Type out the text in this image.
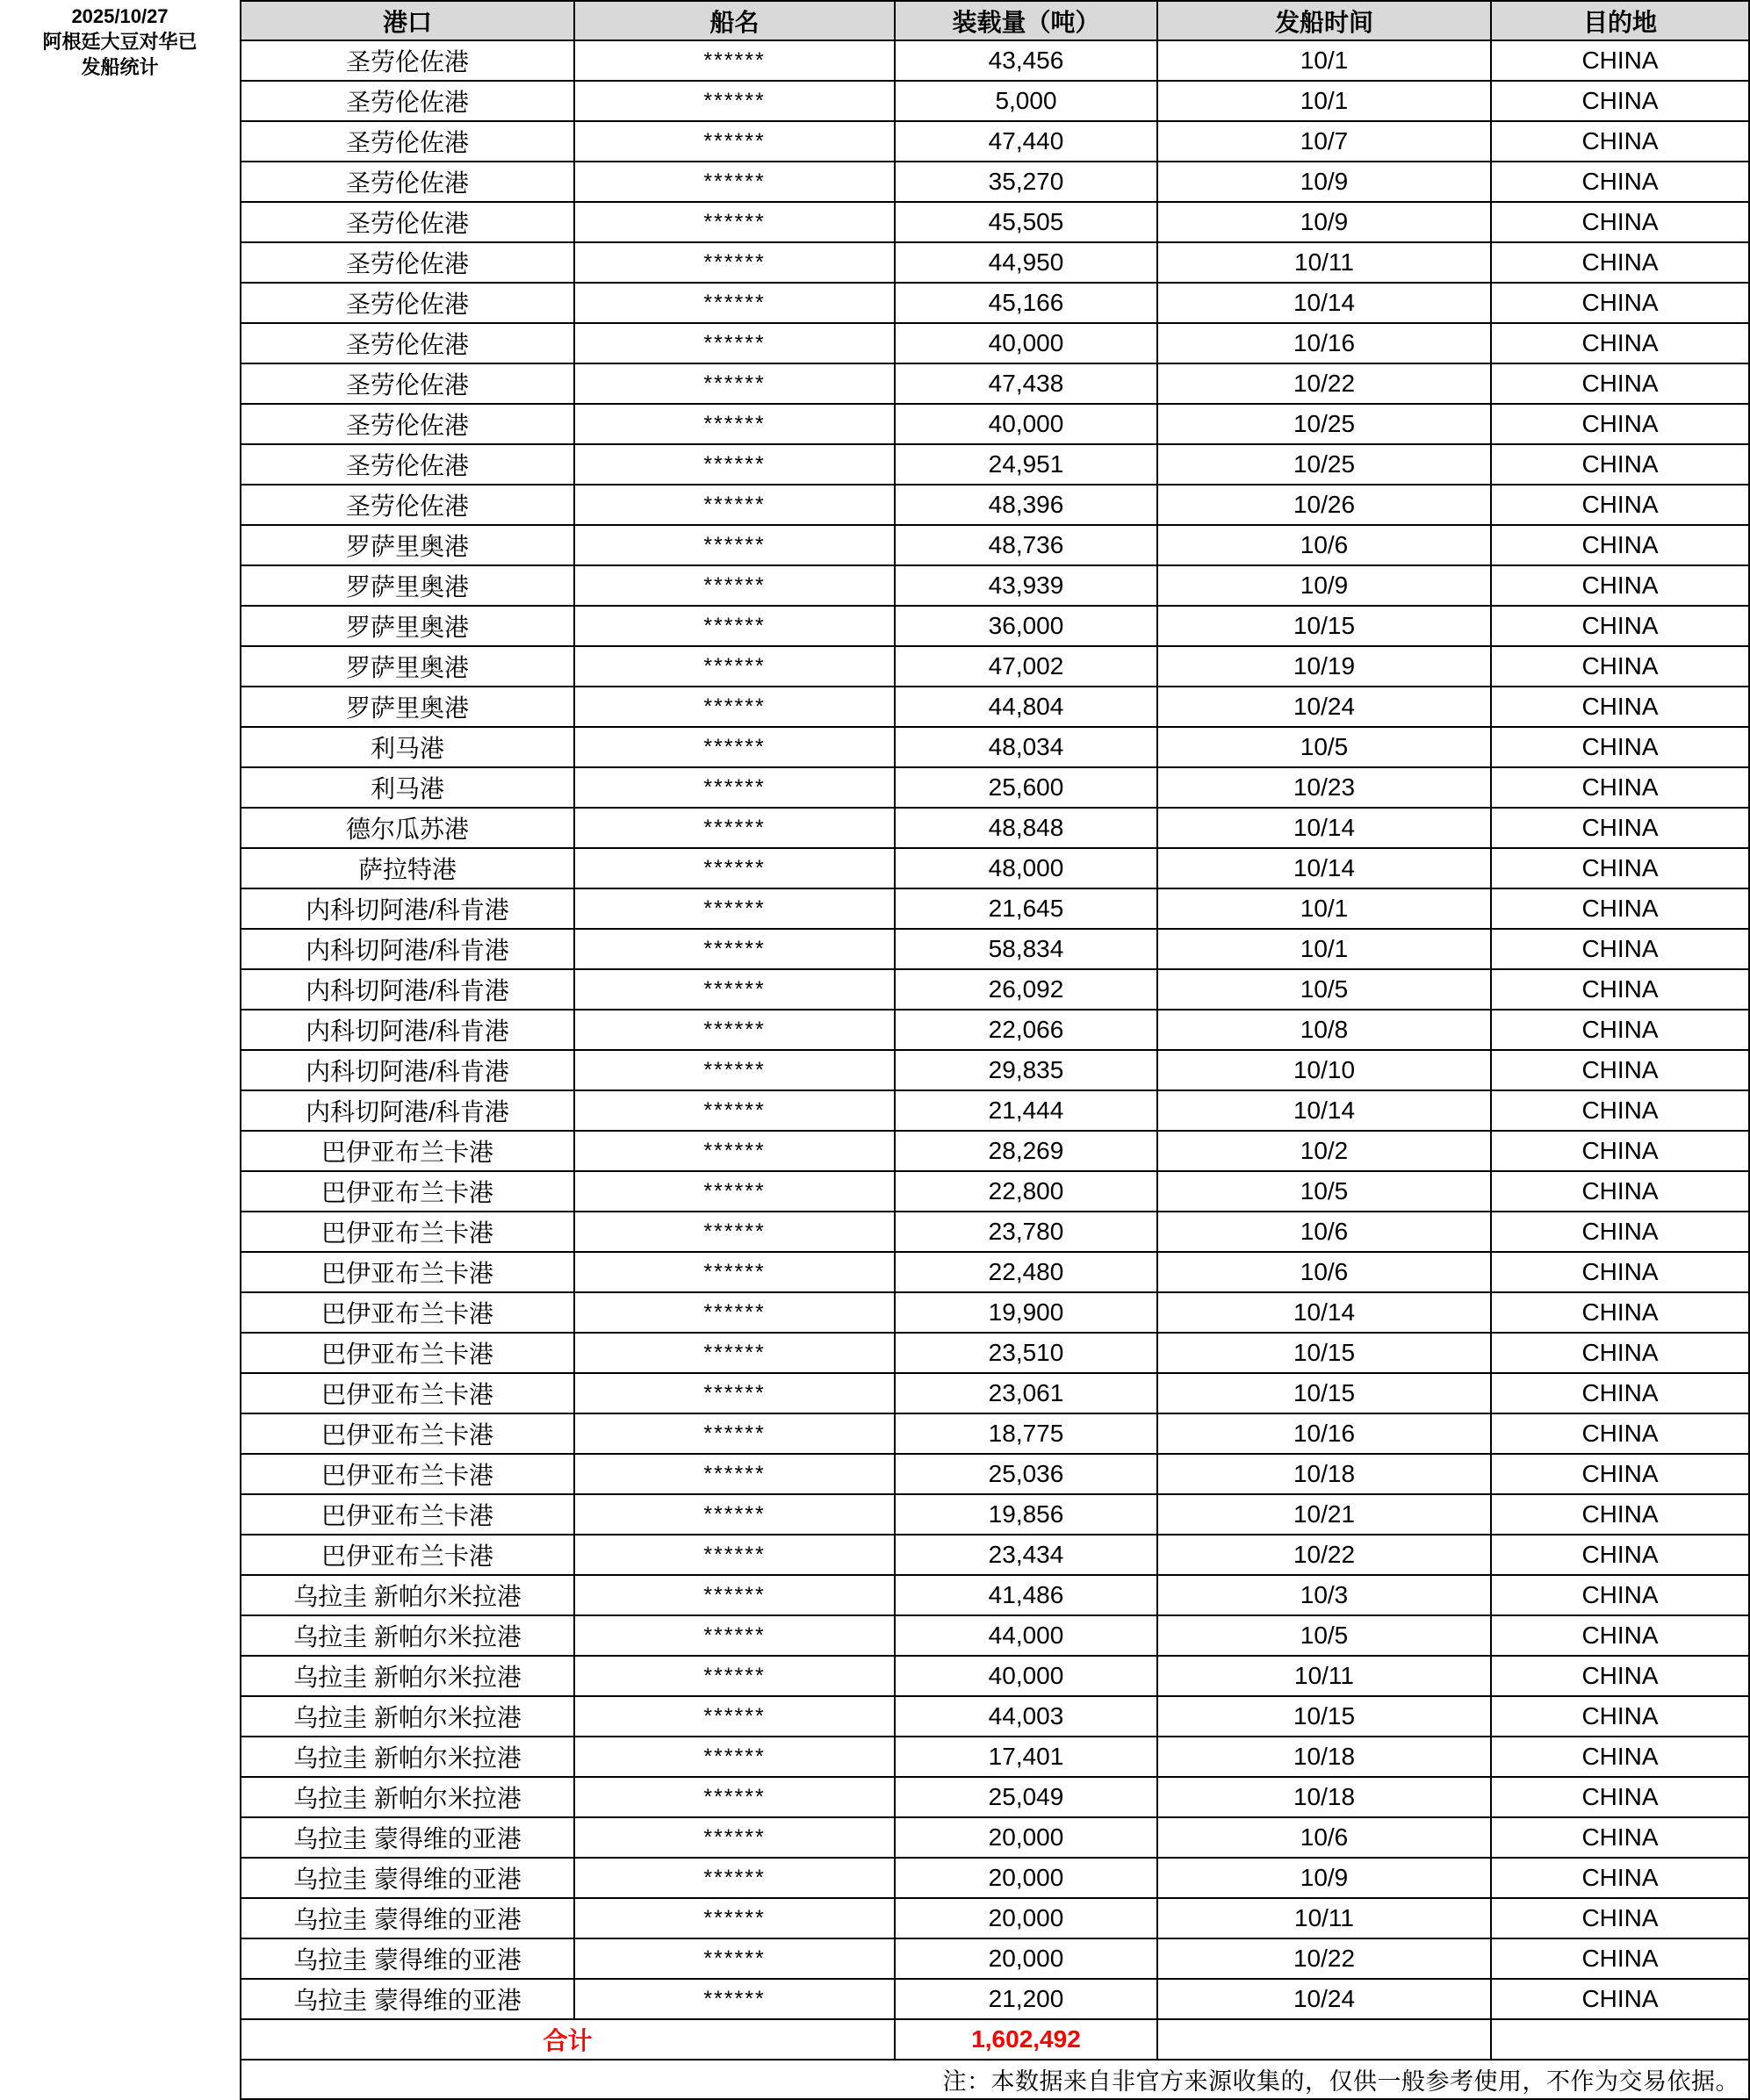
2025/10/27
阿根廷大豆对华已发船统计
港口	船名	装载量（吨）	发船时间	目的地
圣劳伦佐港	******	43,456	10/1	CHINA
圣劳伦佐港	******	5,000	10/1	CHINA
圣劳伦佐港	******	47,440	10/7	CHINA
圣劳伦佐港	******	35,270	10/9	CHINA
圣劳伦佐港	******	45,505	10/9	CHINA
圣劳伦佐港	******	44,950	10/11	CHINA
圣劳伦佐港	******	45,166	10/14	CHINA
圣劳伦佐港	******	40,000	10/16	CHINA
圣劳伦佐港	******	47,438	10/22	CHINA
圣劳伦佐港	******	40,000	10/25	CHINA
圣劳伦佐港	******	24,951	10/25	CHINA
圣劳伦佐港	******	48,396	10/26	CHINA
罗萨里奥港	******	48,736	10/6	CHINA
罗萨里奥港	******	43,939	10/9	CHINA
罗萨里奥港	******	36,000	10/15	CHINA
罗萨里奥港	******	47,002	10/19	CHINA
罗萨里奥港	******	44,804	10/24	CHINA
利马港	******	48,034	10/5	CHINA
利马港	******	25,600	10/23	CHINA
德尔瓜苏港	******	48,848	10/14	CHINA
萨拉特港	******	48,000	10/14	CHINA
内科切阿港/科肯港	******	21,645	10/1	CHINA
内科切阿港/科肯港	******	58,834	10/1	CHINA
内科切阿港/科肯港	******	26,092	10/5	CHINA
内科切阿港/科肯港	******	22,066	10/8	CHINA
内科切阿港/科肯港	******	29,835	10/10	CHINA
内科切阿港/科肯港	******	21,444	10/14	CHINA
巴伊亚布兰卡港	******	28,269	10/2	CHINA
巴伊亚布兰卡港	******	22,800	10/5	CHINA
巴伊亚布兰卡港	******	23,780	10/6	CHINA
巴伊亚布兰卡港	******	22,480	10/6	CHINA
巴伊亚布兰卡港	******	19,900	10/14	CHINA
巴伊亚布兰卡港	******	23,510	10/15	CHINA
巴伊亚布兰卡港	******	23,061	10/15	CHINA
巴伊亚布兰卡港	******	18,775	10/16	CHINA
巴伊亚布兰卡港	******	25,036	10/18	CHINA
巴伊亚布兰卡港	******	19,856	10/21	CHINA
巴伊亚布兰卡港	******	23,434	10/22	CHINA
乌拉圭 新帕尔米拉港	******	41,486	10/3	CHINA
乌拉圭 新帕尔米拉港	******	44,000	10/5	CHINA
乌拉圭 新帕尔米拉港	******	40,000	10/11	CHINA
乌拉圭 新帕尔米拉港	******	44,003	10/15	CHINA
乌拉圭 新帕尔米拉港	******	17,401	10/18	CHINA
乌拉圭 新帕尔米拉港	******	25,049	10/18	CHINA
乌拉圭 蒙得维的亚港	******	20,000	10/6	CHINA
乌拉圭 蒙得维的亚港	******	20,000	10/9	CHINA
乌拉圭 蒙得维的亚港	******	20,000	10/11	CHINA
乌拉圭 蒙得维的亚港	******	20,000	10/22	CHINA
乌拉圭 蒙得维的亚港	******	21,200	10/24	CHINA
合计		1,602,492		
注：本数据来自非官方来源收集的，仅供一般参考使用，不作为交易依据。				
